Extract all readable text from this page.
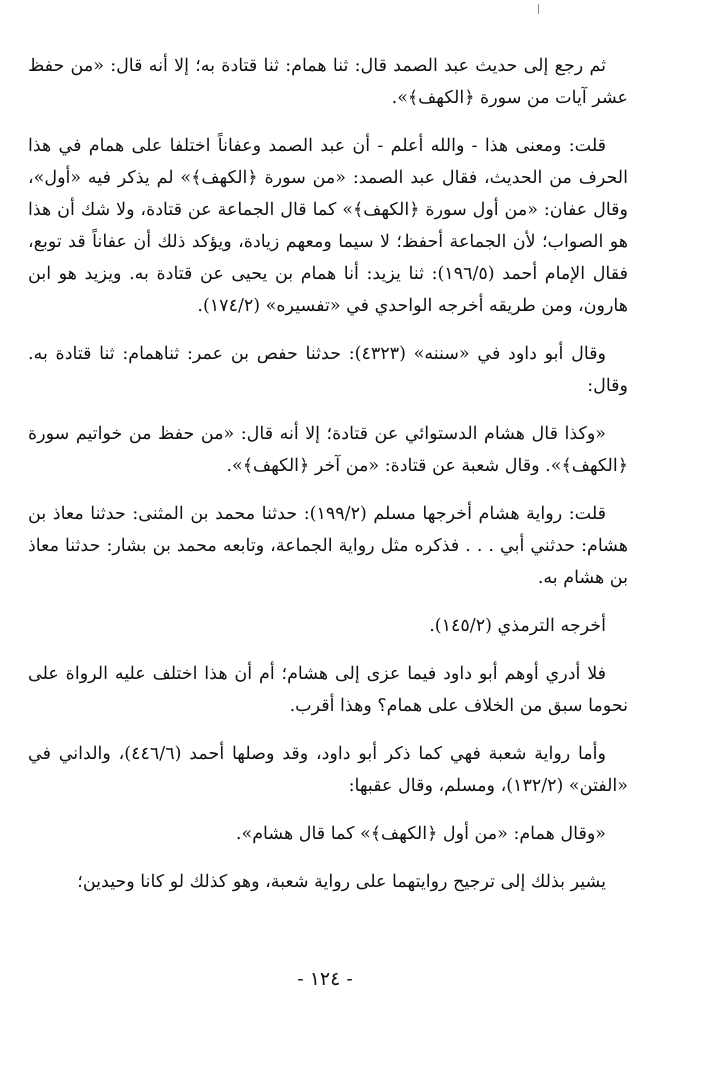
ثم رجع إلى حديث عبد الصمد قال: ثنا همام: ثنا قتادة به؛ إلا أنه قال: «من حفظ عشر آيات من سورة ﴿الكهف﴾».

قلت: ومعنى هذا - والله أعلم - أن عبد الصمد وعفاناً اختلفا على همام في هذا الحرف من الحديث، فقال عبد الصمد: «من سورة ﴿الكهف﴾» لم يذكر فيه «أول»، وقال عفان: «من أول سورة ﴿الكهف﴾» كما قال الجماعة عن قتادة، ولا شك أن هذا هو الصواب؛ لأن الجماعة أحفظ؛ لا سيما ومعهم زيادة، ويؤكد ذلك أن عفاناً قد توبع، فقال الإمام أحمد (١٩٦/٥): ثنا يزيد: أنا همام بن يحيى عن قتادة به. ويزيد هو ابن هارون، ومن طريقه أخرجه الواحدي في «تفسيره» (١٧٤/٢).

وقال أبو داود في «سننه» (٤٣٢٣): حدثنا حفص بن عمر: ثناهمام: ثنا قتادة به. وقال:

«وكذا قال هشام الدستوائي عن قتادة؛ إلا أنه قال: «من حفظ من خواتيم سورة ﴿الكهف﴾». وقال شعبة عن قتادة: «من آخر ﴿الكهف﴾».

قلت: رواية هشام أخرجها مسلم (١٩٩/٢): حدثنا محمد بن المثنى: حدثنا معاذ بن هشام: حدثني أبي . . . فذكره مثل رواية الجماعة، وتابعه محمد بن بشار: حدثنا معاذ بن هشام به.

أخرجه الترمذي (١٤٥/٢).

فلا أدري أوهم أبو داود فيما عزى إلى هشام؛ أم أن هذا اختلف عليه الرواة على نحوما سبق من الخلاف على همام؟ وهذا أقرب.

وأما رواية شعبة فهي كما ذكر أبو داود، وقد وصلها أحمد (٤٤٦/٦)، والداني في «الفتن» (١٣٢/٢)، ومسلم، وقال عقبها:

«وقال همام: «من أول ﴿الكهف﴾» كما قال هشام».

يشير بذلك إلى ترجيح روايتهما على رواية شعبة، وهو كذلك لو كانا وحيدين؛

- ١٢٤ -
